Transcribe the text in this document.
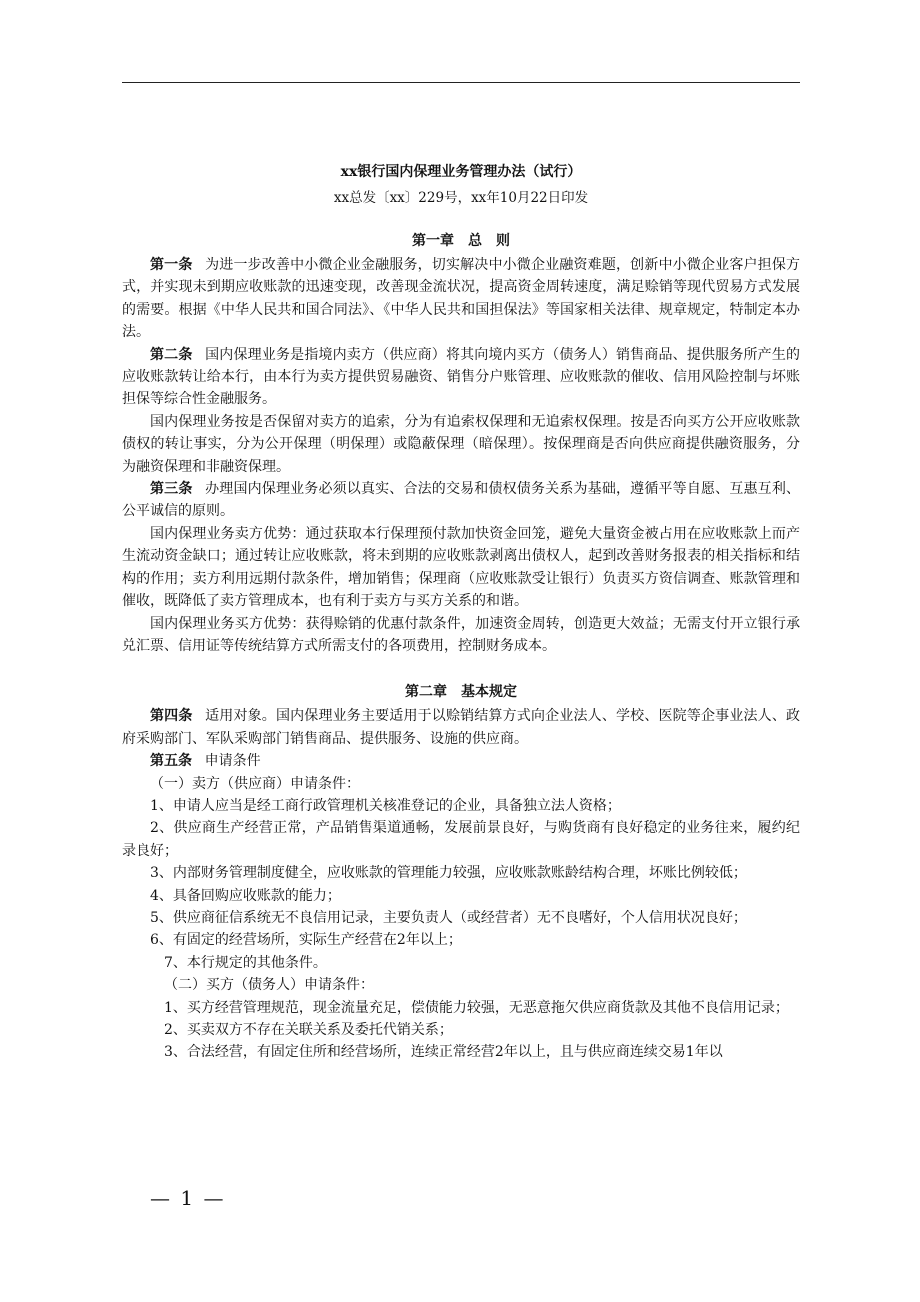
xx银行国内保理业务管理办法（试行）

xx总发〔xx〕229号，xx年10月22日印发

第一章　总　则

第一条 为进一步改善中小微企业金融服务，切实解决中小微企业融资难题，创新中小微企业客户担保方式，并实现未到期应收账款的迅速变现，改善现金流状况，提高资金周转速度，满足赊销等现代贸易方式发展的需要。根据《中华人民共和国合同法》、《中华人民共和国担保法》等国家相关法律、规章规定，特制定本办法。

第二条 国内保理业务是指境内卖方（供应商）将其向境内买方（债务人）销售商品、提供服务所产生的应收账款转让给本行，由本行为卖方提供贸易融资、销售分户账管理、应收账款的催收、信用风险控制与坏账担保等综合性金融服务。

国内保理业务按是否保留对卖方的追索，分为有追索权保理和无追索权保理。按是否向买方公开应收账款债权的转让事实，分为公开保理（明保理）或隐蔽保理（暗保理）。按保理商是否向供应商提供融资服务，分为融资保理和非融资保理。

第三条 办理国内保理业务必须以真实、合法的交易和债权债务关系为基础，遵循平等自愿、互惠互利、公平诚信的原则。

国内保理业务卖方优势：通过获取本行保理预付款加快资金回笼，避免大量资金被占用在应收账款上而产生流动资金缺口；通过转让应收账款，将未到期的应收账款剥离出债权人，起到改善财务报表的相关指标和结构的作用；卖方利用远期付款条件，增加销售；保理商（应收账款受让银行）负责买方资信调查、账款管理和催收，既降低了卖方管理成本，也有利于卖方与买方关系的和谐。

国内保理业务买方优势：获得赊销的优惠付款条件，加速资金周转，创造更大效益；无需支付开立银行承兑汇票、信用证等传统结算方式所需支付的各项费用，控制财务成本。

第二章　基本规定

第四条 适用对象。国内保理业务主要适用于以赊销结算方式向企业法人、学校、医院等企事业法人、政府采购部门、军队采购部门销售商品、提供服务、设施的供应商。

第五条 申请条件

（一）卖方（供应商）申请条件：

1、申请人应当是经工商行政管理机关核准登记的企业，具备独立法人资格；

2、供应商生产经营正常，产品销售渠道通畅，发展前景良好，与购货商有良好稳定的业务往来，履约纪录良好；

3、内部财务管理制度健全，应收账款的管理能力较强，应收账款账龄结构合理，坏账比例较低；

4、具备回购应收账款的能力；

5、供应商征信系统无不良信用记录，主要负责人（或经营者）无不良嗜好，个人信用状况良好；

6、有固定的经营场所，实际生产经营在2年以上；

7、本行规定的其他条件。

（二）买方（债务人）申请条件：

1、买方经营管理规范，现金流量充足，偿债能力较强，无恶意拖欠供应商货款及其他不良信用记录；

2、买卖双方不存在关联关系及委托代销关系；

3、合法经营，有固定住所和经营场所，连续正常经营2年以上，且与供应商连续交易1年以

— 1 —
